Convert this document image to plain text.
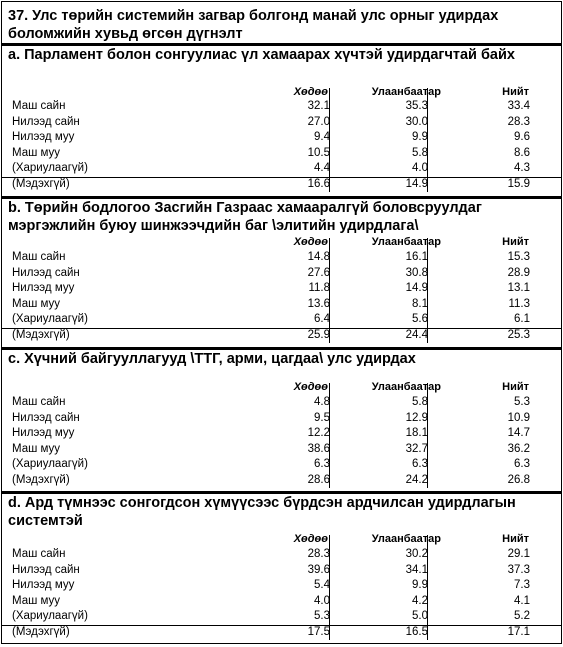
37. Улс төрийн системийн загвар болгонд манай улс орныг удирдах боломжийн хувьд өгсөн дүгнэлт
a. Парламент болон сонгуулиас үл хамаарах хүчтэй удирдагчтай байх
Хөдөө	Улаанбаатар	Нийт
Маш сайн	32.1	35.3	33.4
Нилээд сайн	27.0	30.0	28.3
Нилээд муу	9.4	9.9	9.6
Маш муу	10.5	5.8	8.6
(Хариулаагүй)	4.4	4.0	4.3
(Мэдэхгүй)	16.6	14.9	15.9
b. Төрийн бодлогоо Засгийн Газраас хамааралгүй боловсруулдаг мэргэжлийн буюу шинжээчдийн баг \элитийн удирдлага\
Хөдөө	Улаанбаатар	Нийт
Маш сайн	14.8	16.1	15.3
Нилээд сайн	27.6	30.8	28.9
Нилээд муу	11.8	14.9	13.1
Маш муу	13.6	8.1	11.3
(Хариулаагүй)	6.4	5.6	6.1
(Мэдэхгүй)	25.9	24.4	25.3
c. Хүчний байгууллагууд \ТТГ, арми, цагдаа\ улс удирдах
Хөдөө	Улаанбаатар	Нийт
Маш сайн	4.8	5.8	5.3
Нилээд сайн	9.5	12.9	10.9
Нилээд муу	12.2	18.1	14.7
Маш муу	38.6	32.7	36.2
(Хариулаагүй)	6.3	6.3	6.3
(Мэдэхгүй)	28.6	24.2	26.8
d. Ард түмнээс сонгогдсон хүмүүсээс бүрдсэн ардчилсан удирдлагын системтэй
Хөдөө	Улаанбаатар	Нийт
Маш сайн	28.3	30.2	29.1
Нилээд сайн	39.6	34.1	37.3
Нилээд муу	5.4	9.9	7.3
Маш муу	4.0	4.2	4.1
(Хариулаагүй)	5.3	5.0	5.2
(Мэдэхгүй)	17.5	16.5	17.1
